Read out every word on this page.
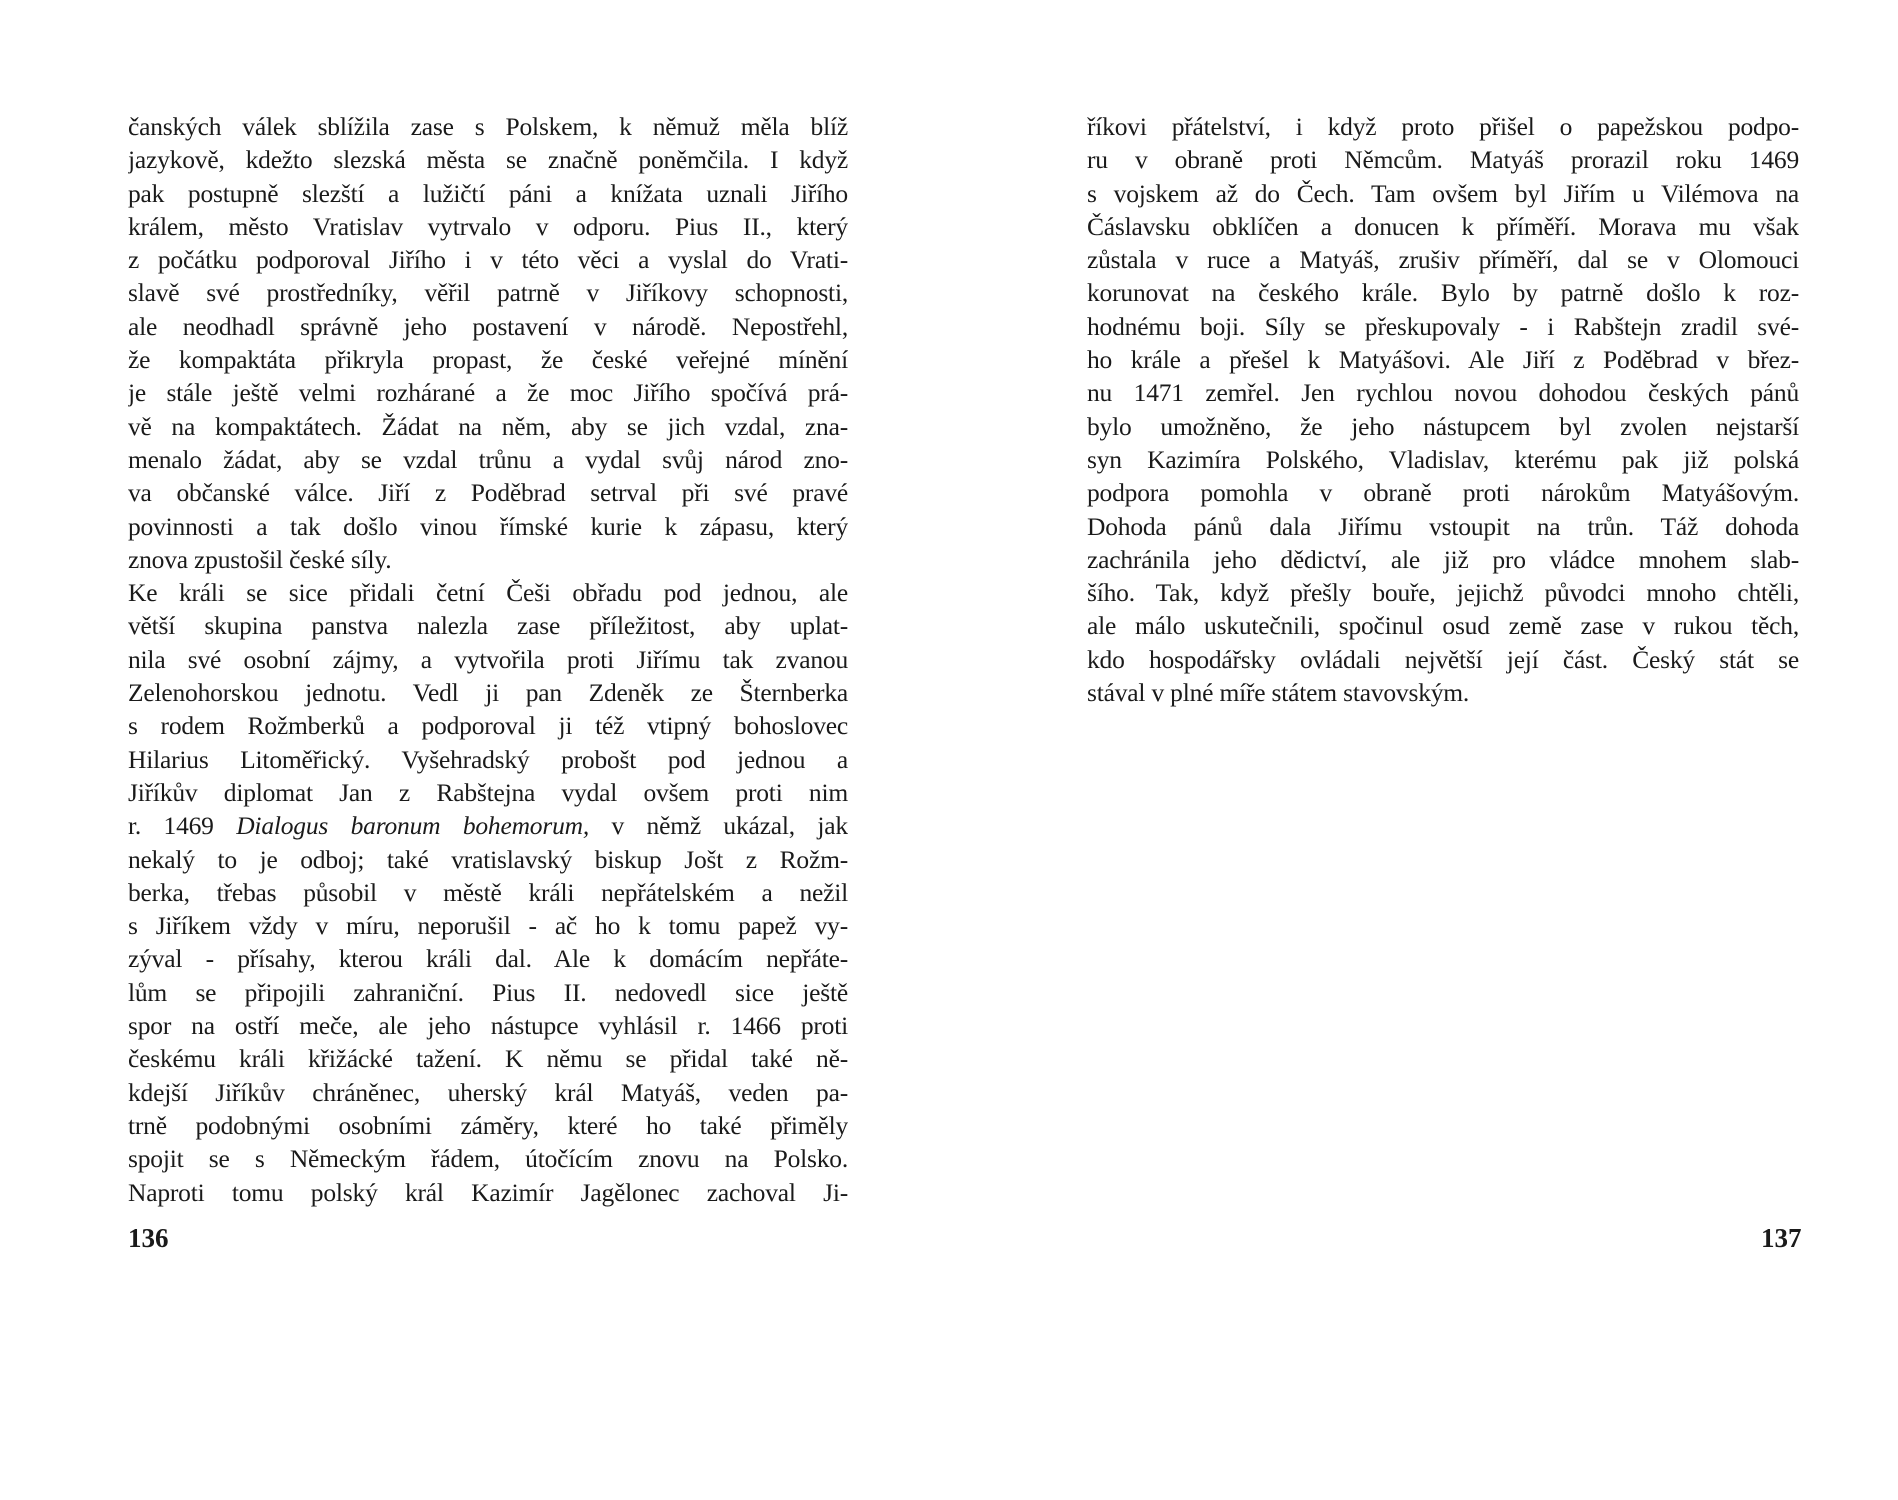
čanských válek sblížila zase s Polskem, k němuž měla blíž
jazykově, kdežto slezská města se značně poněmčila. I když
pak postupně slezští a lužičtí páni a knížata uznali Jiřího
králem, město Vratislav vytrvalo v odporu. Pius II., který
z počátku podporoval Jiřího i v této věci a vyslal do Vrati-
slavě své prostředníky, věřil patrně v Jiříkovy schopnosti,
ale neodhadl správně jeho postavení v národě. Nepostřehl,
že kompaktáta přikryla propast, že české veřejné mínění
je stále ještě velmi rozhárané a že moc Jiřího spočívá prá-
vě na kompaktátech. Žádat na něm, aby se jich vzdal, zna-
menalo žádat, aby se vzdal trůnu a vydal svůj národ zno-
va občanské válce. Jiří z Poděbrad setrval při své pravé
povinnosti a tak došlo vinou římské kurie k zápasu, který
znova zpustošil české síly.
Ke králi se sice přidali četní Češi obřadu pod jednou, ale
větší skupina panstva nalezla zase příležitost, aby uplat-
nila své osobní zájmy, a vytvořila proti Jiřímu tak zvanou
Zelenohorskou jednotu. Vedl ji pan Zdeněk ze Šternberka
s rodem Rožmberků a podporoval ji též vtipný bohoslovec
Hilarius Litoměřický. Vyšehradský probošt pod jednou a
Jiříkův diplomat Jan z Rabštejna vydal ovšem proti nim
r. 1469 Dialogus baronum bohemorum, v němž ukázal, jak
nekalý to je odboj; také vratislavský biskup Jošt z Rožm-
berka, třebas působil v městě králi nepřátelském a nežil
s Jiříkem vždy v míru, neporušil - ač ho k tomu papež vy-
zýval - přísahy, kterou králi dal. Ale k domácím nepřáte-
lům se připojili zahraniční. Pius II. nedovedl sice ještě
spor na ostří meče, ale jeho nástupce vyhlásil r. 1466 proti
českému králi křižácké tažení. K němu se přidal také ně-
kdejší Jiříkův chráněnec, uherský král Matyáš, veden pa-
trně podobnými osobními záměry, které ho také přiměly
spojit se s Německým řádem, útočícím znovu na Polsko.
Naproti tomu polský král Kazimír Jagělonec zachoval Ji-
136
říkovi přátelství, i když proto přišel o papežskou podpo-
ru v obraně proti Němcům. Matyáš prorazil roku 1469
s vojskem až do Čech. Tam ovšem byl Jiřím u Vilémova na
Čáslavsku obklíčen a donucen k příměří. Morava mu však
zůstala v ruce a Matyáš, zrušiv příměří, dal se v Olomouci
korunovat na českého krále. Bylo by patrně došlo k roz-
hodnému boji. Síly se přeskupovaly - i Rabštejn zradil své-
ho krále a přešel k Matyášovi. Ale Jiří z Poděbrad v břez-
nu 1471 zemřel. Jen rychlou novou dohodou českých pánů
bylo umožněno, že jeho nástupcem byl zvolen nejstarší
syn Kazimíra Polského, Vladislav, kterému pak již polská
podpora pomohla v obraně proti nárokům Matyášovým.
Dohoda pánů dala Jiřímu vstoupit na trůn. Táž dohoda
zachránila jeho dědictví, ale již pro vládce mnohem slab-
šího. Tak, když přešly bouře, jejichž původci mnoho chtěli,
ale málo uskutečnili, spočinul osud země zase v rukou těch,
kdo hospodářsky ovládali největší její část. Český stát se
stával v plné míře státem stavovským.
137
